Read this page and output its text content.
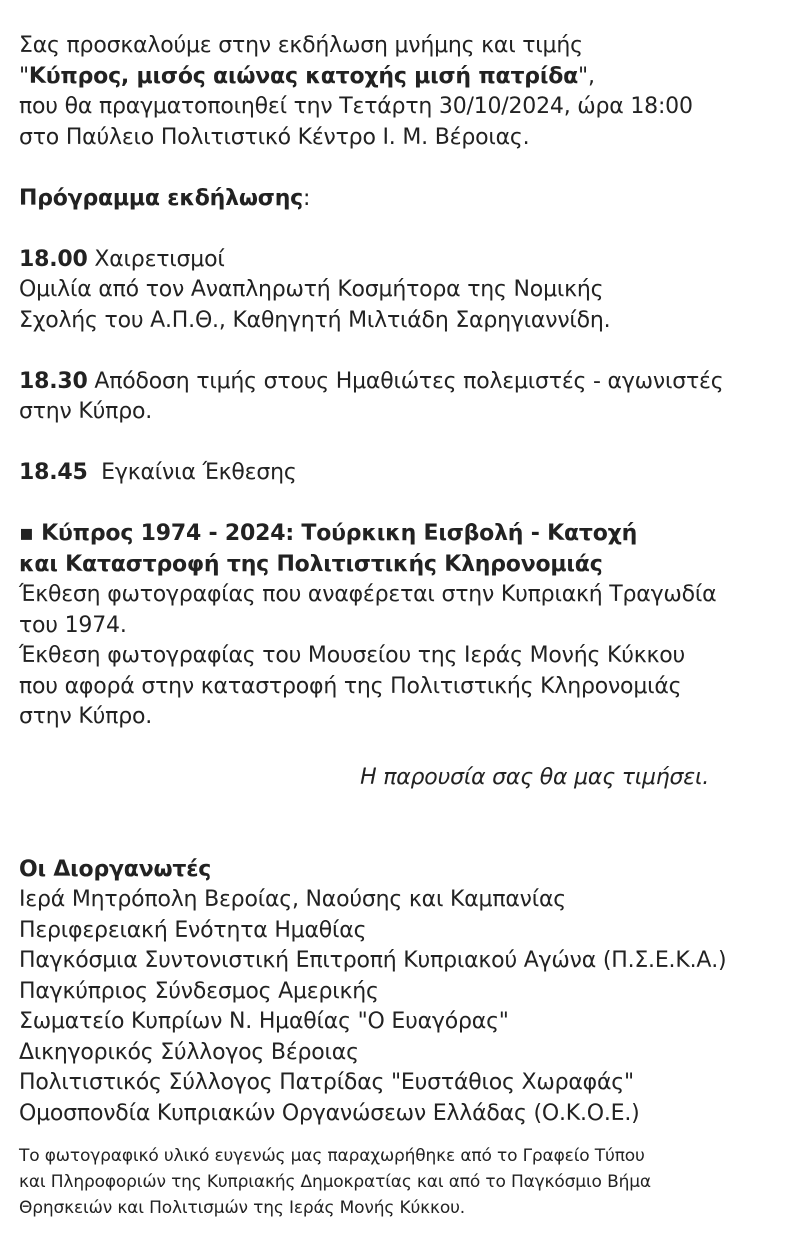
Σας προσκαλούμε στην εκδήλωση μνήμης και τιμής
"Κύπρος, μισός αιώνας κατοχής μισή πατρίδα",
που θα πραγματοποιηθεί την Τετάρτη 30/10/2024, ώρα 18:00
στο Παύλειο Πολιτιστικό Κέντρο Ι. Μ. Βέροιας.
Πρόγραμμα εκδήλωσης:
18.00 Χαιρετισμοί
Ομιλία από τον Αναπληρωτή Κοσμήτορα της Νομικής
Σχολής του Α.Π.Θ., Καθηγητή Μιλτιάδη Σαρηγιαννίδη.
18.30 Απόδοση τιμής στους Ημαθιώτες πολεμιστές - αγωνιστές
στην Κύπρο.
18.45  Εγκαίνια Έκθεσης
▪ Κύπρος 1974 - 2024: Τούρκικη Εισβολή - Κατοχή
και Καταστροφή της Πολιτιστικής Κληρονομιάς
Έκθεση φωτογραφίας που αναφέρεται στην Κυπριακή Τραγωδία
του 1974.
Έκθεση φωτογραφίας του Μουσείου της Ιεράς Μονής Κύκκου
που αφορά στην καταστροφή της Πολιτιστικής Κληρονομιάς
στην Κύπρο.
Η παρουσία σας θα μας τιμήσει.
Οι Διοργανωτές
Ιερά Μητρόπολη Βεροίας, Ναούσης και Καμπανίας
Περιφερειακή Ενότητα Ημαθίας
Παγκόσμια Συντονιστική Επιτροπή Κυπριακού Αγώνα (Π.Σ.Ε.Κ.Α.)
Παγκύπριος Σύνδεσμος Αμερικής
Σωματείο Κυπρίων Ν. Ημαθίας "Ο Ευαγόρας"
Δικηγορικός Σύλλογος Βέροιας
Πολιτιστικός Σύλλογος Πατρίδας "Ευστάθιος Χωραφάς"
Ομοσπονδία Κυπριακών Οργανώσεων Ελλάδας (Ο.Κ.Ο.Ε.)
Το φωτογραφικό υλικό ευγενώς μας παραχωρήθηκε από το Γραφείο Τύπου
και Πληροφοριών της Κυπριακής Δημοκρατίας και από το Παγκόσμιο Βήμα
Θρησκειών και Πολιτισμών της Ιεράς Μονής Κύκκου.
